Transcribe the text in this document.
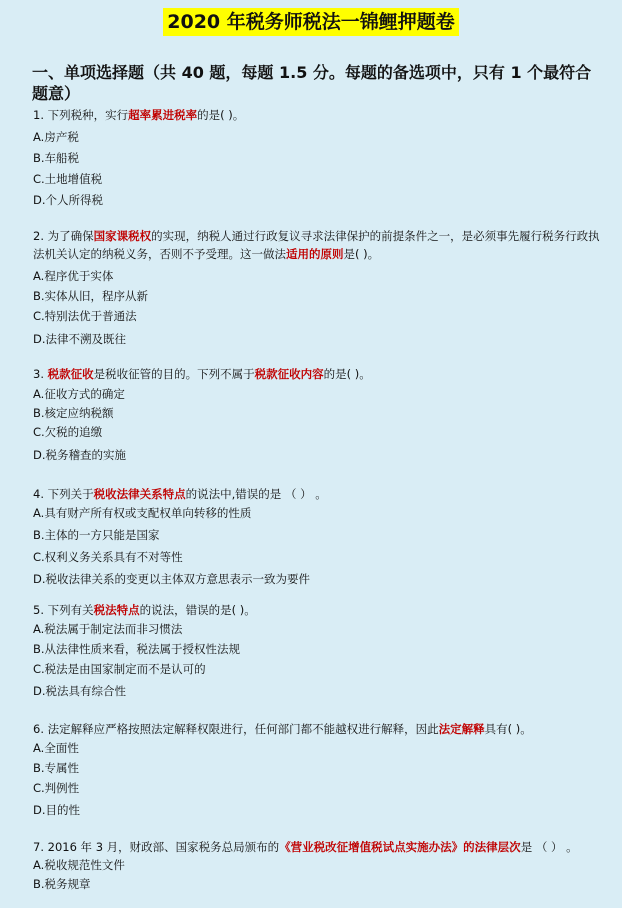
2020 年税务师税法一锦鲤押题卷
一、单项选择题（共 40 题，每题 1.5 分。每题的备选项中，只有 1 个最符合题意）

1. 下列税种，实行超率累进税率的是( )。

A.房产税

B.车船税

C.土地增值税

D.个人所得税

2. 为了确保国家课税权的实现，纳税人通过行政复议寻求法律保护的前提条件之一，是必须事先履行税务行政执法机关认定的纳税义务，否则不予受理。这一做法适用的原则是( )。

A.程序优于实体

B.实体从旧，程序从新

C.特别法优于普通法

D.法律不溯及既往

3. 税款征收是税收征管的目的。下列不属于税款征收内容的是( )。

A.征收方式的确定

B.核定应纳税额

C.欠税的追缴

D.税务稽查的实施

4. 下列关于税收法律关系特点的说法中,错误的是 （ ） 。

A.具有财产所有权或支配权单向转移的性质

B.主体的一方只能是国家

C.权利义务关系具有不对等性

D.税收法律关系的变更以主体双方意思表示一致为要件

5. 下列有关税法特点的说法，错误的是( )。

A.税法属于制定法而非习惯法

B.从法律性质来看，税法属于授权性法规

C.税法是由国家制定而不是认可的

D.税法具有综合性

6. 法定解释应严格按照法定解释权限进行，任何部门都不能越权进行解释，因此法定解释具有( )。

A.全面性

B.专属性

C.判例性

D.目的性

7. 2016 年 3 月，财政部、国家税务总局颁布的《营业税改征增值税试点实施办法》的法律层次是 （ ） 。

A.税收规范性文件

B.税务规章
